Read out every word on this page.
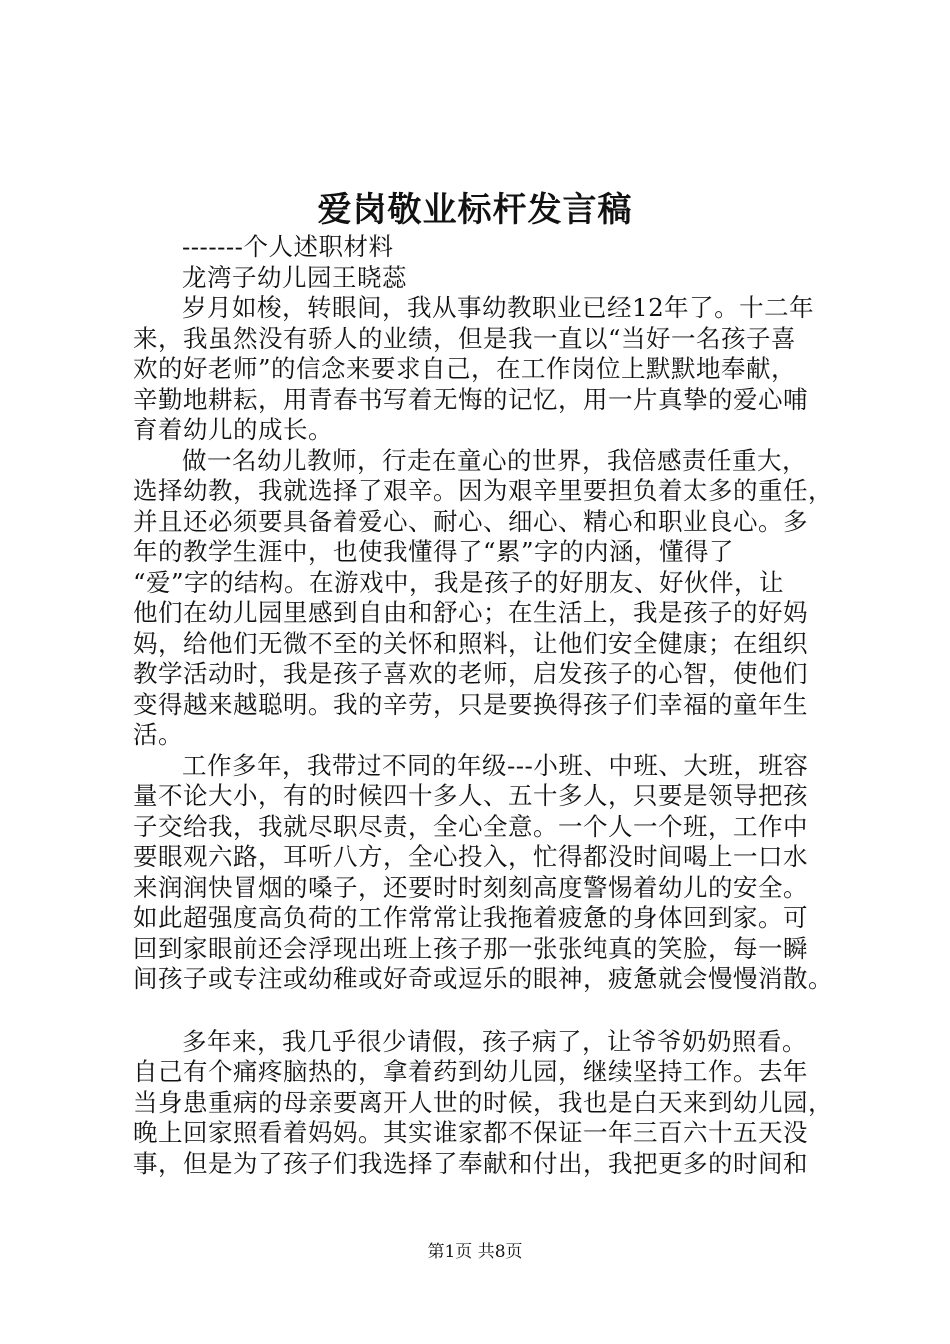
爱岗敬业标杆发言稿
-------个人述职材料
龙湾子幼儿园王晓蕊
岁月如梭，转眼间，我从事幼教职业已经12年了。十二年
来，我虽然没有骄人的业绩，但是我一直以“当好一名孩子喜
欢的好老师”的信念来要求自己，在工作岗位上默默地奉献，
辛勤地耕耘，用青春书写着无悔的记忆，用一片真挚的爱心哺
育着幼儿的成长。
做一名幼儿教师，行走在童心的世界，我倍感责任重大，
选择幼教，我就选择了艰辛。因为艰辛里要担负着太多的重任，
并且还必须要具备着爱心、耐心、细心、精心和职业良心。多
年的教学生涯中，也使我懂得了“累”字的内涵，懂得了
“爱”字的结构。在游戏中，我是孩子的好朋友、好伙伴，让
他们在幼儿园里感到自由和舒心；在生活上，我是孩子的好妈
妈，给他们无微不至的关怀和照料，让他们安全健康；在组织
教学活动时，我是孩子喜欢的老师，启发孩子的心智，使他们
变得越来越聪明。我的辛劳，只是要换得孩子们幸福的童年生
活。
工作多年，我带过不同的年级---小班、中班、大班，班容
量不论大小，有的时候四十多人、五十多人，只要是领导把孩
子交给我，我就尽职尽责，全心全意。一个人一个班，工作中
要眼观六路，耳听八方，全心投入，忙得都没时间喝上一口水
来润润快冒烟的嗓子，还要时时刻刻高度警惕着幼儿的安全。
如此超强度高负荷的工作常常让我拖着疲惫的身体回到家。可
回到家眼前还会浮现出班上孩子那一张张纯真的笑脸，每一瞬
间孩子或专注或幼稚或好奇或逗乐的眼神，疲惫就会慢慢消散。
多年来，我几乎很少请假，孩子病了，让爷爷奶奶照看。
自己有个痛疼脑热的，拿着药到幼儿园，继续坚持工作。去年
当身患重病的母亲要离开人世的时候，我也是白天来到幼儿园，
晚上回家照看着妈妈。其实谁家都不保证一年三百六十五天没
事，但是为了孩子们我选择了奉献和付出，我把更多的时间和
第1页 共8页
